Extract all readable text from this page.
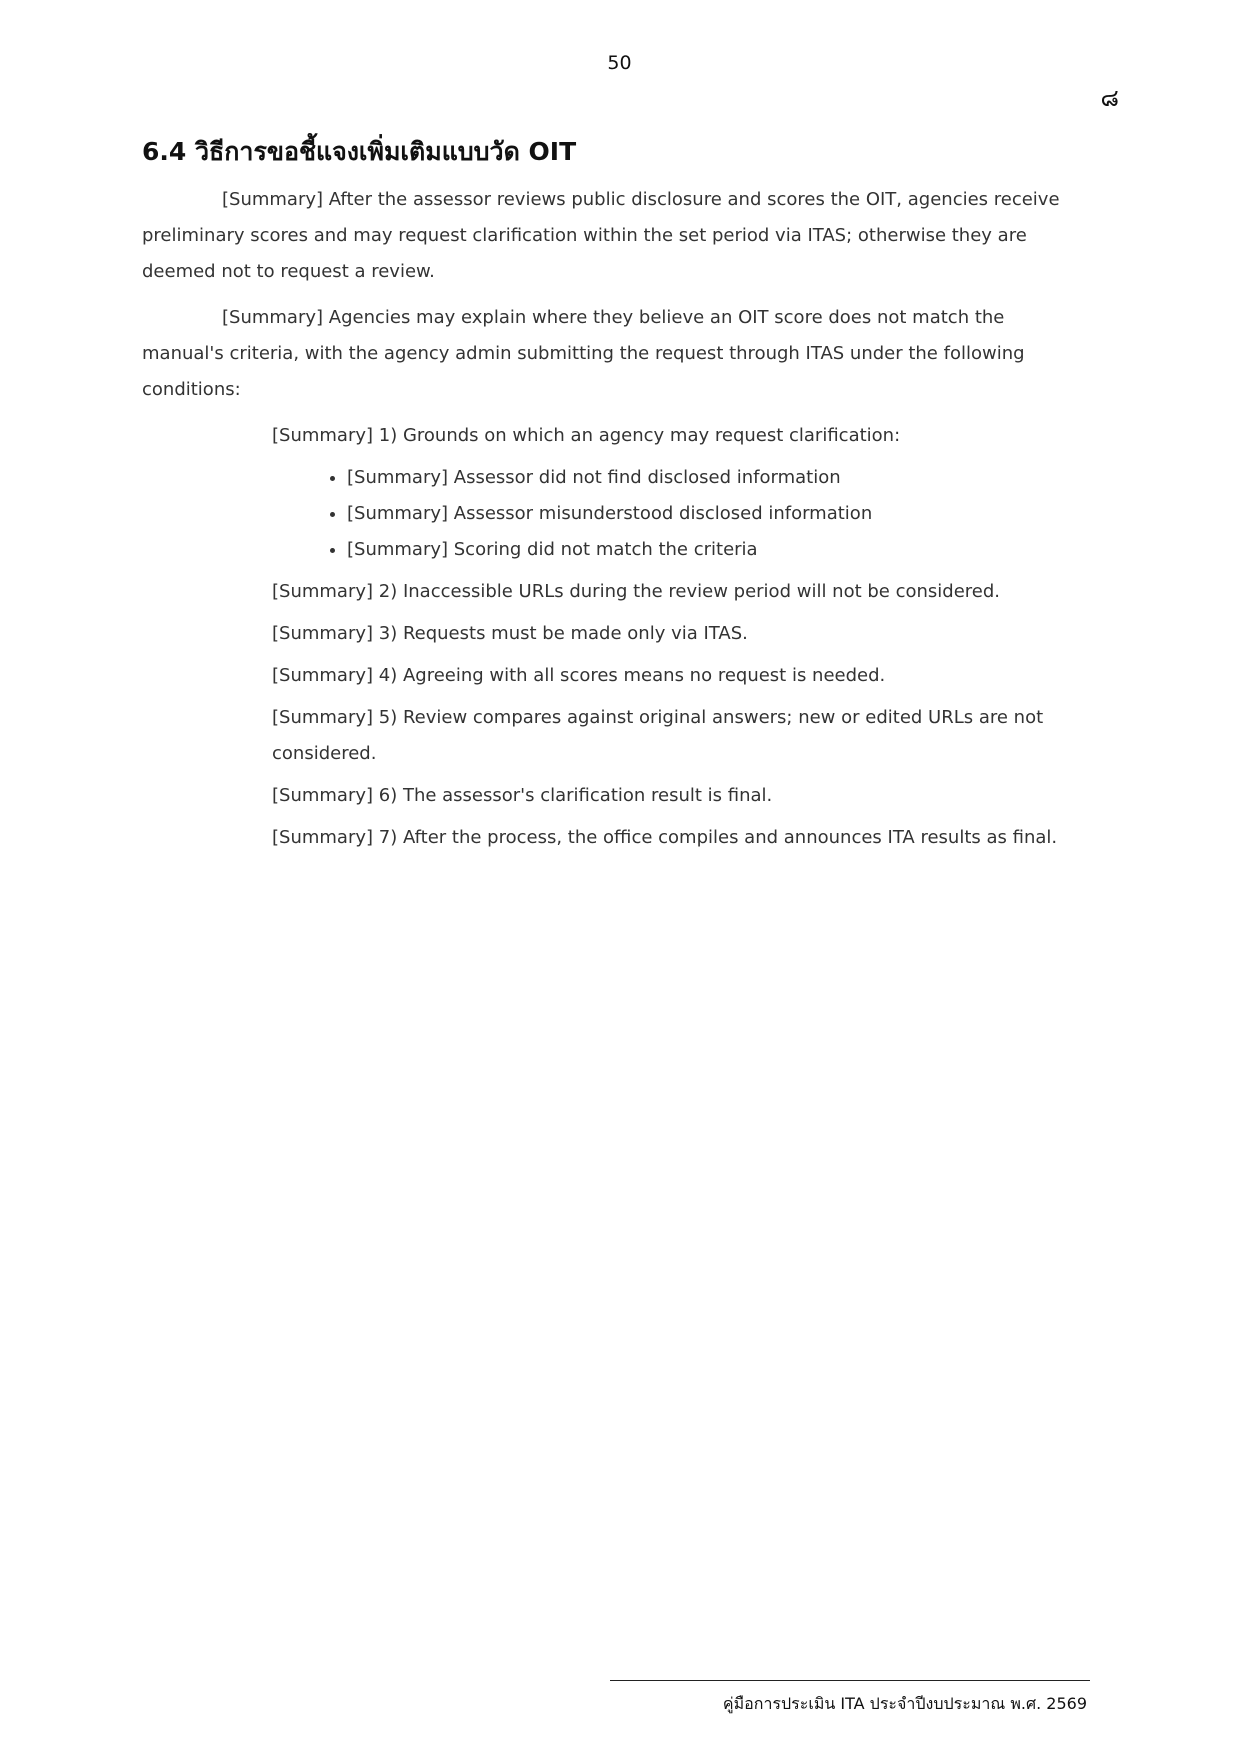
50
๘
6.4 วิธีการขอชี้แจงเพิ่มเติมแบบวัด OIT

[Summary] After the assessor reviews public disclosure and scores the OIT, agencies receive preliminary scores and may request clarification within the set period via ITAS; otherwise they are deemed not to request a review.

[Summary] Agencies may explain where they believe an OIT score does not match the manual's criteria, with the agency admin submitting the request through ITAS under the following conditions:

[Summary] 1) Grounds on which an agency may request clarification:
• [Summary] Assessor did not find disclosed information
• [Summary] Assessor misunderstood disclosed information
• [Summary] Scoring did not match the criteria
[Summary] 2) Inaccessible URLs during the review period will not be considered.
[Summary] 3) Requests must be made only via ITAS.
[Summary] 4) Agreeing with all scores means no request is needed.
[Summary] 5) Review compares against original answers; new or edited URLs are not considered.
[Summary] 6) The assessor's clarification result is final.
[Summary] 7) After the process, the office compiles and announces ITA results as final.
คู่มือการประเมิน ITA ประจำปีงบประมาณ พ.ศ. 2569
